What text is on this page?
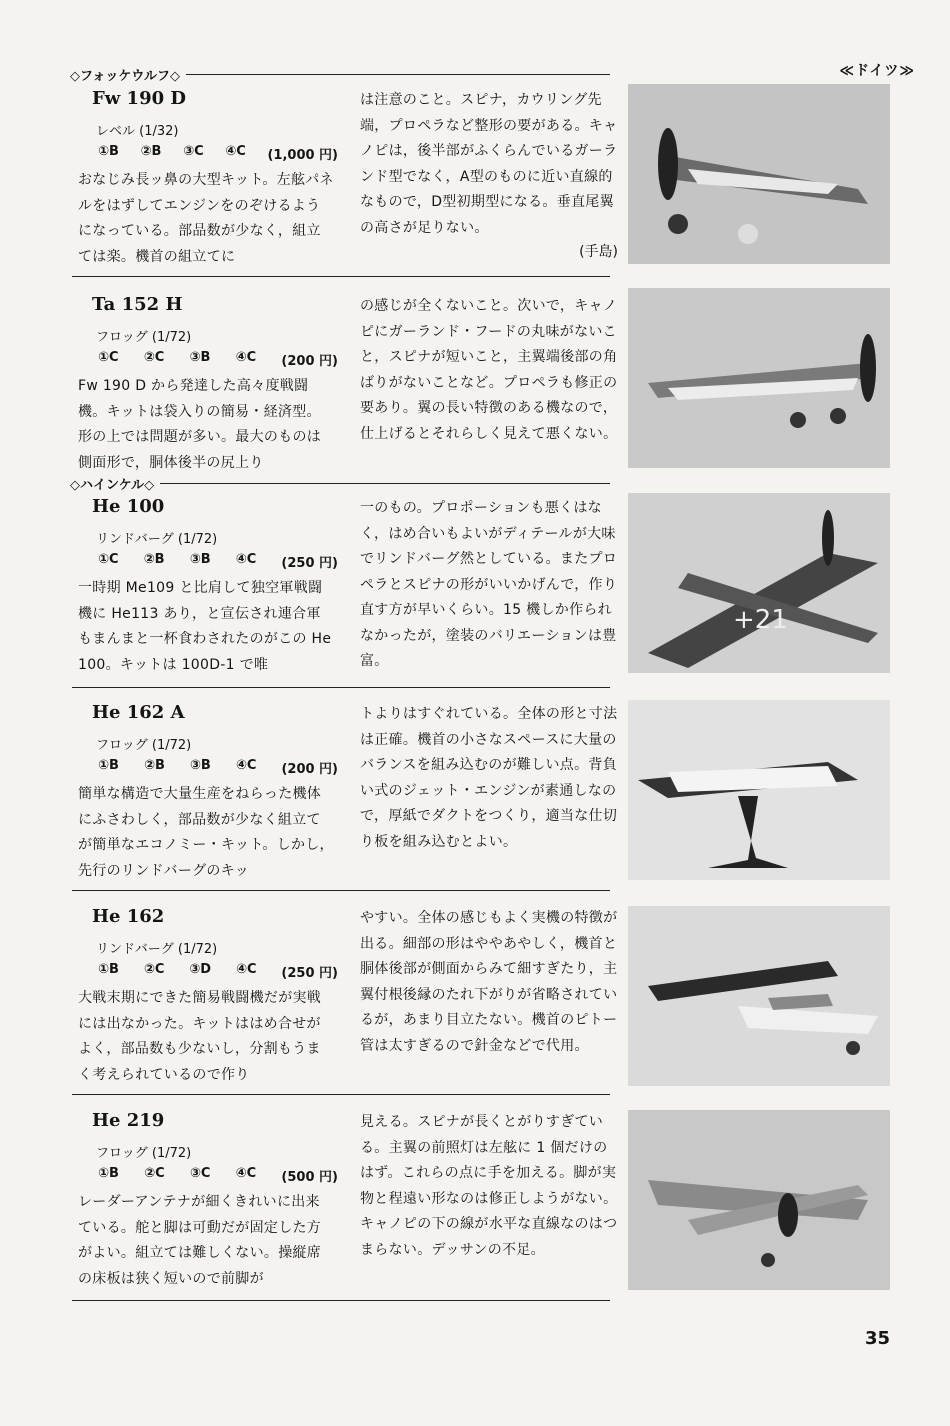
≪ドイツ≫
◇フォッケウルフ◇
Fw 190 D
レベル (1/32)
①B ②B ③C ④C (1,000 円)
おなじみ長ッ鼻の大型キット。左舷パネルをはずしてエンジンをのぞけるようになっている。部品数が少なく，組立ては楽。機首の組立てに
は注意のこと。スピナ，カウリング先端，プロペラなど整形の要がある。キャノピは，後半部がふくらんでいるガーランド型でなく，A型のものに近い直線的なもので，D型初期型になる。垂直尾翼の高さが足りない。
(手島)
Ta 152 H
フロッグ (1/72)
①C ②C ③B ④C (200 円)
Fw 190 D から発達した高々度戦闘機。キットは袋入りの簡易・経済型。形の上では問題が多い。最大のものは側面形で，胴体後半の尻上り
の感じが全くないこと。次いで，キャノピにガーランド・フードの丸味がないこと，スピナが短いこと，主翼端後部の角ばりがないことなど。プロペラも修正の要あり。翼の長い特徴のある機なので，仕上げるとそれらしく見えて悪くない。
◇ハインケル◇
He 100
リンドバーグ (1/72)
①C ②B ③B ④C (250 円)
一時期 Me109 と比肩して独空軍戦闘機に He113 あり，と宣伝され連合軍もまんまと一杯食わされたのがこの He100。キットは 100D-1 で唯
一のもの。プロポーションも悪くはなく，はめ合いもよいがディテールが大味でリンドバーグ然としている。またプロペラとスピナの形がいいかげんで，作り直す方が早いくらい。15 機しか作られなかったが，塗装のバリエーションは豊富。
+21
He 162 A
フロッグ (1/72)
①B ②B ③B ④C (200 円)
簡単な構造で大量生産をねらった機体にふさわしく，部品数が少なく組立てが簡単なエコノミー・キット。しかし，先行のリンドバーグのキッ
トよりはすぐれている。全体の形と寸法は正確。機首の小さなスペースに大量のバランスを組み込むのが難しい点。背負い式のジェット・エンジンが素通しなので，厚紙でダクトをつくり，適当な仕切り板を組み込むとよい。
He 162
リンドバーグ (1/72)
①B ②C ③D ④C (250 円)
大戦末期にできた簡易戦闘機だが実戦には出なかった。キットははめ合せがよく，部品数も少ないし，分割もうまく考えられているので作り
やすい。全体の感じもよく実機の特徴が出る。細部の形はややあやしく，機首と胴体後部が側面からみて細すぎたり，主翼付根後縁のたれ下がりが省略されているが，あまり目立たない。機首のピトー管は太すぎるので針金などで代用。
He 219
フロッグ (1/72)
①B ②C ③C ④C (500 円)
レーダーアンテナが細くきれいに出来ている。舵と脚は可動だが固定した方がよい。組立ては難しくない。操縦席の床板は狭く短いので前脚が
見える。スピナが長くとがりすぎている。主翼の前照灯は左舷に 1 個だけのはず。これらの点に手を加える。脚が実物と程遠い形なのは修正しようがない。キャノピの下の線が水平な直線なのはつまらない。デッサンの不足。
35
